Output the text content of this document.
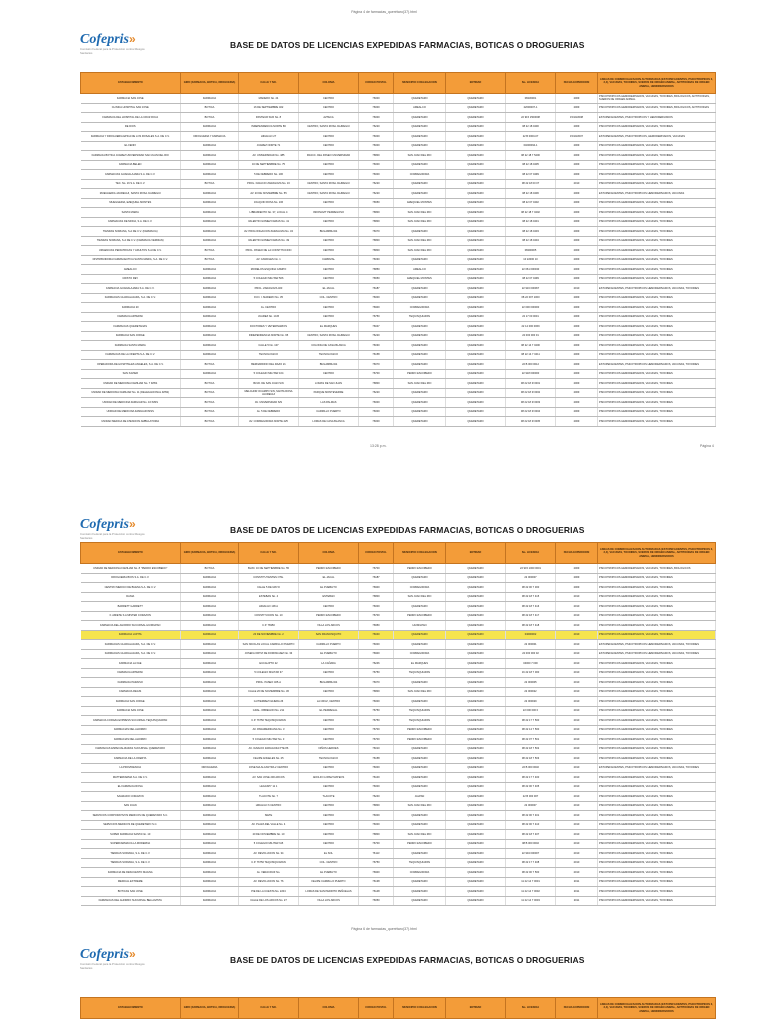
Página 4 de farmacias_querétaro(37).html
Cofepris»
Comisión Federal para la Protección contra Riesgos Sanitarios
BASE DE DATOS DE LICENCIAS EXPEDIDAS FARMACIAS, BOTICAS O DROGUERIAS
ESTABLECIMIENTO	GIRO (FARMACIA, BOTICA, DROGUERIA)	CALLE Y NO.	COLONIA	CODIGO POSTAL	MUNICIPIO O DELEGACION	ENTIDAD	No. LICENCIA	FECHA EXPEDICION	LINEAS DE COMERCIALIZACION AUTORIZADAS (ESTUPEFACIENTES, PSICOTROPICOS 2, 3,4), VACUNAS, TOXOIDES, SUEROS DE ORIGEN ANIMAL, ANTITOXINAS DE ORIGEN ANIMAL, HEMODERIVADOS
FARMACIA SAN JOSE	FARMACIA	MADERO No. 24	CENTRO	76000	QUERETARO	QUERETARO	08230001	2009	PSICOTROPICOS HEMODERIVADOS, VACUNAS, TOXOIDES, BIOLOGICOS, ANTITOXINAS, SUEROS DE ORIGEN ANIMAL
CLINICA HOSPITAL SAN JOSE	BOTICA	16 DE SEPTIEMBRE 402	CENTRO	76000	AMEALCO	QUERETARO	22000007-1	2009	PSICOTROPICOS HEMODERIVADOS, VACUNAS, TOXOIDES, BIOLOGICOS, ANTITOXINAS
FARMACIA DEL HOSPITAL DE LA CRUZ ROJA	BOTICA	PASTEUR SUR No. 8	AZTECA	76000	QUERETARO	QUERETARO	22 915 1500008	15/10/2008	ESTUPEFACIENTES, PSICOTROPICOS Y HEMODERIVADOS
DE DIOS	FARMACIA	INDEPENDENCIA NORTE 86	CENTRO, SANTA ROSA JAUREGUI	76220	QUERETARO	QUERETARO	08 22 18 0400	2009	PSICOTROPICOS HEMODERIVADOS, VACUNAS, TOXOIDES
FARMACIA Y DROGUERIA EPICA DE LOS ROSALES S.A. DE C.V.	DROGUERIA Y FARMACIA	HIDALGO 27	CENTRO	76000	QUERETARO	QUERETARO	22 B 0000-07	15/10/2007	ESTUPEFACIENTES, PSICOTROPICOS, HEMODERIVADOS, VACUNAS
EL FENIX	FARMACIA	JUAREZ NORTE 71	CENTRO	76000	QUERETARO	QUERETARO	04000094-1	2009	PSICOTROPICOS HEMODERIVADOS, VACUNAS, TOXOIDES
FARMACIA BOTICA JUAREZ UNIVERSIDAD SAN JUAN DEL RIO	FARMACIA	AV. UNIVERSIDAD No. 485	FRACC. DEL PASEO UNIVERSIDAD	76800	SAN JUAN DEL RIO	QUERETARO	08 22 18 7 5400	2009	PSICOTROPICOS HEMODERIVADOS, VACUNAS, TOXOIDES
FARMACIA BELEN	FARMACIA	16 DE SEPTIEMBRE No. 75	CENTRO	76000	QUERETARO	QUERETARO	08 22 18 0405	2009	PSICOTROPICOS HEMODERIVADOS, VACUNAS, TOXOIDES
FARMACIAS GUADALAJARA S.A. DE C.V.	FARMACIA	5 DE FEBRERO No. 106	CENTRO	76000	CORREGIDORA	QUERETARO	08 22 07 0499	2009	PSICOTROPICOS HEMODERIVADOS, VACUNAS, TOXOIDES
TEC. No. 16 S.A. DE C.V.	BOTICA	PROL. IGNACIO ZARAGOZA No. 16	CENTRO, SANTA ROSA JAUREGUI	76220	QUERETARO	QUERETARO	08 22 18 00 07	2010	PSICOTROPICOS HEMODERIVADOS, VACUNAS, TOXOIDES
MUEGGERIA JAUREGUI, SANTA ROSA JAUREGUI	FARMACIA	AV. 20 DE NOVIEMBRE No. 55	CENTRO, SANTA ROSA JAUREGUI	76220	QUERETARO	QUERETARO	08 22 18 0406	2009	ESTUPEFACIENTES, PSICOTROPICOS HEMODERIVADOS, VACUNAS
MUEGGERIA, EZEQUIEL MONTES	FARMACIA	JOAQUIN ROSA No. 106	CENTRO	76650	EZEQUIEL MONTES	QUERETARO	08 22 07 0402	2009	PSICOTROPICOS HEMODERIVADOS, VACUNAS, TOXOIDES
SANTA MARIA	FARMACIA	LIBRAMIENTO No. 37, LOCAL 4	INFONAVIT PEDREGOSO	76800	SAN JUAN DEL RIO	QUERETARO	08 22 18 7 0402	2009	PSICOTROPICOS HEMODERIVADOS, VACUNAS, TOXOIDES
FARMACIAS DE MODA, S.A. DE C.V.	FARMACIA	VALENTIN GOMEZ FARIAS No. 41	CENTRO	76800	SAN JUAN DEL RIO	QUERETARO	08 22 18 0401	2009	PSICOTROPICOS HEMODERIVADOS, VACUNAS, TOXOIDES
TIENDAS SORIANA, S.A DE C.V. (FARMACIA)	FARMACIA	AV. PROLONGACION ZARAGOZA No. 34	BUGAMBILIAS	76070	QUERETARO	QUERETARO	08 22 18 0403	2009	PSICOTROPICOS HEMODERIVADOS, VACUNAS, TOXOIDES
TIENDAS SORIANA, S.A DE C.V. (FARMACIA VERDIAN)	FARMACIA	VALENTIN GOMEZ FARIAS No. 49	CENTRO	76800	SAN JUAN DEL RIO	QUERETARO	08 22 18 0404	2009	PSICOTROPICOS HEMODERIVADOS, VACUNAS, TOXOIDES
URGENCIAS PEDIATRICAS Y ADULTOS S.A DE C.V.	BOTICA	PROL. PASEO DE LA CONSTITUCION	CENTRO	76800	SAN JUAN DEL RIO	QUERETARO	08290005	2009	PSICOTROPICOS HEMODERIVADOS, VACUNAS, TOXOIDES
DISTRIBUIDORA FARMACEUTICA SANTA MARIA, S.A. DE C.V.	BOTICA	AV. CANDILES No. 1	CARRIZAL	76030	QUERETARO	QUERETARO	10 22000 10	2009	PSICOTROPICOS HEMODERIVADOS, VACUNAS, TOXOIDES
AMEALCO	FARMACIA	MORELOS ESQUINA CAMPO	CENTRO	76850	AMEALCO	QUERETARO	22 061 000040	2009	PSICOTROPICOS HEMODERIVADOS, VACUNAS, TOXOIDES
CRISTO REY	FARMACIA	5 COLEGIO MILITAR 506	CENTRO	76650	EZEQUIEL MONTES	QUERETARO	08 22 07 0499	2009	PSICOTROPICOS HEMODERIVADOS, VACUNAS, TOXOIDES
FARMACIA GUADALAJARA S.A. DE C.V.	FARMACIA	PROL. ZARAGOZA 403	EL JACAL	76187	QUERETARO	QUERETARO	22 916 000067	2010	ESTUPEFACIENTES, PSICOTROPICOS HEMODERIVADOS, VACUNAS, TOXOIDES
FARMACIAS GUADALAJARA, S.A. DE C.V.	FARMACIA	FCO. I. MADERO No. 35	COL. CENTRO	76000	QUERETARO	QUERETARO	08 22 007 1000	2009	PSICOTROPICOS HEMODERIVADOS, VACUNAS, TOXOIDES
FARMACIA 20	FARMACIA	Av. CENTRO	CENTRO	76900	CORREGIDORA	QUERETARO	22 000 000000	2009	PSICOTROPICOS HEMODERIVADOS, VACUNAS, TOXOIDES
FARMACIA ARTEPAK	FARMACIA	JUAREZ No. 10-B	CENTRO	76750	TEQUISQUIAPAN	QUERETARO	22 17 00 0001	2009	PSICOTROPICOS HEMODERIVADOS, VACUNAS, TOXOIDES
FARMACIAS QUERETANAS	FARMACIA	DOCTORES Y VETERINARIOS	EL MARQUES	76047	QUERETARO	QUERETARO	22 14 000 0069	2009	PSICOTROPICOS HEMODERIVADOS, VACUNAS, TOXOIDES
FARMACIA SAN JORGE	FARMACIA	INDEPENDENCIA NORTE No. 95	CENTRO, SANTA ROSA JAUREGUI	76220	QUERETARO	QUERETARO	22 000 000 01	2009	PSICOTROPICOS HEMODERIVADOS, VACUNAS, TOXOIDES
FARMACIA SANTA MARIA	FARMACIA	CALLE 5 No. 107	COLONIA DE CASA BLANCA	76030	QUERETARO	QUERETARO	08 22 14 7 0400	2009	PSICOTROPICOS HEMODERIVADOS, VACUNAS, TOXOIDES
FARMACIAS DE LA OFERTA S.A. DE C.V.	FARMACIA	TECNOLOGICO	TECNOLOGICO	76158	QUERETARO	QUERETARO	08 22 14 7 0411	2009	PSICOTROPICOS HEMODERIVADOS, VACUNAS, TOXOIDES
OPERADORA DE HOSPITALES ANGELES, S.A. DE C.V.	BOTICA	BERNARDINO DEL RAZO 21	BUGAMBILIAS	76070	QUERETARO	QUERETARO	22 B 000 0012	2009	ESTUPEFACIENTES, PSICOTROPICOS HEMODERIVADOS, VACUNAS, TOXOIDES
SAN XAVIER	FARMACIA	5 COLEGIO MILITAR 104	CENTRO	76700	PEDRO ESCOBEDO	QUERETARO	22 918 000000	2009	PSICOTROPICOS HEMODERIVADOS, VACUNAS, TOXOIDES
UNIDAD DE MEDICINA FAMILIAR No. 7 IMSS	BOTICA	BLVD. DE SAN JUAN S/N	LOMAS DE SAN JUAN	76800	SAN JUAN DEL RIO	QUERETARO	08 22 18 R 0001	2009	PSICOTROPICOS HEMODERIVADOS, VACUNAS, TOXOIDES
UNIDAD DE MEDICINA FAMILIAR No. 11 (DELEGACIONAL IMSS)	BOTICA	MELCHOR OCAMPO S/N, SANTA ROSA JAUREGUI	PARQUE MONTEVERDE	76220	QUERETARO	QUERETARO	08 22 18 R 0002	2009	PSICOTROPICOS HEMODERIVADOS, VACUNAS, TOXOIDES
UNIDAD DE MEDICINA FAMILIAR No. 16 IMSS	BOTICA	AV. UNIVERSIDAD S/N	LAS PALMAS	76000	QUERETARO	QUERETARO	08 22 18 R 0003	2009	PSICOTROPICOS HEMODERIVADOS, VACUNAS, TOXOIDES
UNIDAD DE MEDICINA FAMILIAR IMSS	BOTICA	Av. 5 DE FEBRERO	CARRILLO PUERTO	76000	QUERETARO	QUERETARO	08 22 18 R 0004	2009	PSICOTROPICOS HEMODERIVADOS, VACUNAS, TOXOIDES
UNIDAD MEDICA DE ATENCION AMBULATORIA	BOTICA	AV. CORREGIDORA NORTE 425	LOMAS DE CASA BLANCA	76000	QUERETARO	QUERETARO	08 22 18 R 0005	2009	PSICOTROPICOS HEMODERIVADOS, VACUNAS, TOXOIDES
13:28 p.m.	Página 4
Cofepris»
Comisión Federal para la Protección contra Riesgos Sanitarios
BASE DE DATOS DE LICENCIAS EXPEDIDAS FARMACIAS, BOTICAS O DROGUERIAS
ESTABLECIMIENTO	GIRO (FARMACIA, BOTICA, DROGUERIA)	CALLE Y NO.	COLONIA	CODIGO POSTAL	MUNICIPIO O DELEGACION	ENTIDAD	No. LICENCIA	FECHA EXPEDICION	LINEAS DE COMERCIALIZACION AUTORIZADAS (ESTUPEFACIENTES, PSICOTROPICOS 2, 3,4), VACUNAS, TOXOIDES, SUEROS DE ORIGEN ANIMAL, ANTITOXINAS DE ORIGEN ANIMAL, HEMODERIVADOS
UNIDAD DE MEDICINA FAMILIAR No. 8 "PEDRO ESCOBEDO"	BOTICA	BLVD. 16 DE SEPTIEMBRE No. 55	PEDRO ESCOBEDO	76700	PEDRO ESCOBEDO	QUERETARO	22 915 1000 0001	2009	PSICOTROPICOS HEMODERIVADOS, VACUNAS, TOXOIDES, BIOLOGICOS
DROGUERIA BIOS S.A. DE C.V.	FARMACIA	CONSTITUYENTES OTE.	EL JACAL	76187	QUERETARO	QUERETARO	22 000007	2009	PSICOTROPICOS HEMODERIVADOS, VACUNAS, TOXOIDES
CENTRO MEDICO DE BUENA S.A. DE C.V.	FARMACIA	CALLE 5 DE MAYO	EL PUEBLITO	76900	CORREGIDORA	QUERETARO	08 22 00 7 300	2009	PSICOTROPICOS HEMODERIVADOS, VACUNAS, TOXOIDES
DANIA	FARMACIA	ESTEBAN No. 4	ESTEBAN	76800	SAN JUAN DEL RIO	QUERETARO	08 22 18 7 415	2010	PSICOTROPICOS HEMODERIVADOS, VACUNAS, TOXOIDES
BARRETT GARRETT	FARMACIA	HIDALGO 106 A	CENTRO	76000	QUERETARO	QUERETARO	08 22 18 7 416	2010	PSICOTROPICOS HEMODERIVADOS, VACUNAS, TOXOIDES
F. AMIETE S.A MISTER CORAZON	FARMACIA	CONSTITUCION No. 10	PEDRO ESCOBEDO	76700	PEDRO ESCOBEDO	QUERETARO	08 22 18 7 417	2010	PSICOTROPICOS HEMODERIVADOS, VACUNAS, TOXOIDES
FARMACIA DEL AHORRO SUCURSAL HUIMILPAN	FARMACIA	C.P. 76950	VILLA LOS ARCOS	76950	HUIMILPAN	QUERETARO	08 22 18 7 418	2010	PSICOTROPICOS HEMODERIVADOS, VACUNAS, TOXOIDES
FARMACIA LUPITA	FARMACIA	20 DE NOVIEMBRE No. 2	SAN FRANCISQUITO	76040	QUERETARO	QUERETARO	04090002	2010	PSICOTROPICOS HEMODERIVADOS, VACUNAS, TOXOIDES
FARMACIAS GUADALAJARA, S.A. DE C.V.	FARMACIA	SAN NICOLAS LOCAL CARRILLO PUERTO	CARRILLO PUERTO	76000	QUERETARO	QUERETARO	22 000001	2010	ESTUPEFACIENTES, PSICOTROPICOS HEMODERIVADOS, VACUNAS, TOXOIDES
FARMACIAS GUADALAJARA, S.A. DE C.V.	FARMACIA	JOSEFA ORTIZ DE DOMINGUEZ No. 33	EL PUEBLITO	76900	CORREGIDORA	QUERETARO	22 000 000 02	2010	ESTUPEFACIENTES, PSICOTROPICOS HEMODERIVADOS, VACUNAS, TOXOIDES
FARMACIA LA FAE	FARMACIA	EUCALIPTO 22	LA CAÑADA	76246	EL MARQUES	QUERETARO	04000 7 000	2010	PSICOTROPICOS HEMODERIVADOS, VACUNAS, TOXOIDES
FARMACIA ARTEPAK	FARMACIA	5 COLEGIO MILITAR 37	CENTRO	76750	TEQUISQUIAPAN	QUERETARO	16 22 18 7 000	2010	PSICOTROPICOS HEMODERIVADOS, VACUNAS, TOXOIDES
FARMACIA PARAISO	FARMACIA	PROL. PASEO 405-A	BUGAMBILIAS	76070	QUERETARO	QUERETARO	22 000005	2010	PSICOTROPICOS HEMODERIVADOS, VACUNAS, TOXOIDES
FARMACIA REGIS	FARMACIA	CALLE 20 DE NOVIEMBRE No. 36	CENTRO	76800	SAN JUAN DEL RIO	QUERETARO	22 000022	2010	PSICOTROPICOS HEMODERIVADOS, VACUNAS, TOXOIDES
FARMACIA SAN JORGE	FARMACIA	GUTIERREZ NAJERA 26	LA CRUZ, CENTRO	76000	QUERETARO	QUERETARO	22 000029	2010	PSICOTROPICOS HEMODERIVADOS, VACUNAS, TOXOIDES
FARMACIA SAN JOSE	FARMACIA	GRAL. OBREGON No. 211	EL PEDREGAL	76750	TEQUISQUIAPAN	QUERETARO	22 000 000 0	2010	PSICOTROPICOS HEMODERIVADOS, VACUNAS, TOXOIDES
FARMACIA CORAZA EXPRESS SUCURSAL TEQUISQUIAPAN	FARMACIA	C.P. 76750 TEQUISQUIAPAN	CENTRO	76750	TEQUISQUIAPAN	QUERETARO	08 22 17 7 500	2010	PSICOTROPICOS HEMODERIVADOS, VACUNAS, TOXOIDES
FARMACIAS DEL AHORRO	FARMACIA	AV. PANAMERICANA No. 3	CENTRO	76700	PEDRO ESCOBEDO	QUERETARO	08 22 14 7 500	2010	PSICOTROPICOS HEMODERIVADOS, VACUNAS, TOXOIDES
FARMACIAS DEL AHORRO	FARMACIA	5 COLEGIO MILITAR No. 3	CENTRO	76700	PEDRO ESCOBEDO	QUERETARO	08 22 07 7 501	2010	PSICOTROPICOS HEMODERIVADOS, VACUNAS, TOXOIDES
FARMACIAS ESPECIALIZADAS SUCURSAL QUERETARO	FARMACIA	AV. IGNACIO ZARAGOZA PTE 86	NIÑOS HEROES	76010	QUERETARO	QUERETARO	08 22 18 7 502	2010	PSICOTROPICOS HEMODERIVADOS, VACUNAS, TOXOIDES
FARMACIA DE LA OFERTA	FARMACIA	FELIPE ANGELES No. 25	TECNOLOGICO	76158	QUERETARO	QUERETARO	08 22 18 7 503	2010	PSICOTROPICOS HEMODERIVADOS, VACUNAS, TOXOIDES
LA PROVIDENCIA	DROGUERIA	JOSE MA ALCANTRA 2 CENTRO	CENTRO	76000	QUERETARO	QUERETARO	22 B 000 0040	2010	ESTUPEFACIENTES, PSICOTROPICOS HEMODERIVADOS, VACUNAS, TOXOIDES
MATTERFARMA S.A. DE C.V.	FARMACIA	AV. SAN JOSE 200 ARCOS	ADOLFO LOPEZ MATEOS	76100	QUERETARO	QUERETARO	08 22 17 7 400	2010	PSICOTROPICOS HEMODERIVADOS, VACUNAS, TOXOIDES
EL FARMACIA ROSA	FARMACIA	LEGASPY 11 1	CENTRO	76000	QUERETARO	QUERETARO	08 22 00 7 405	2010	PSICOTROPICOS HEMODERIVADOS, VACUNAS, TOXOIDES
SAGRADO CORAZON	FARMACIA	TLACOTE No. 7	TLACOTE	76240	JALPAN	QUERETARO	22 B 000 007	2010	PSICOTROPICOS HEMODERIVADOS, VACUNAS, TOXOIDES
SAN JUAN	FARMACIA	HIDALGO 6 CENTRO	CENTRO	76800	SAN JUAN DEL RIO	QUERETARO	22 000007	2010	PSICOTROPICOS HEMODERIVADOS, VACUNAS, TOXOIDES
SERVICIOS CORPORATIVOS MEDICOS DE QUERETARO S.C.	FARMACIA	SIETE	CENTRO	76000	QUERETARO	QUERETARO	08 22 00 7 401	2010	PSICOTROPICOS HEMODERIVADOS, VACUNAS, TOXOIDES
SERVICIOS MEDICOS DE QUERETARO S.C.	FARMACIA	AV. PLAZA DEL VALLE No. 4	CENTRO	76000	QUERETARO	QUERETARO	08 22 00 7 410	2010	PSICOTROPICOS HEMODERIVADOS, VACUNAS, TOXOIDES
SUPER FARMACIA SANTA No. 10	FARMACIA	20 DE NOVIEMBRE No. 10	CENTRO	76800	SAN JUAN DEL RIO	QUERETARO	08 22 18 7 407	2010	PSICOTROPICOS HEMODERIVADOS, VACUNAS, TOXOIDES
SUPERFARMACIA LA MODERNA	FARMACIA	5 COLEGIO MILITAR 6-B	CENTRO	76700	PEDRO ESCOBEDO	QUERETARO	08 B 000 0002	2010	PSICOTROPICOS HEMODERIVADOS, VACUNAS, TOXOIDES
TIENDAS SORIANA, S.A. DE C.V.	FARMACIA	AV. REVOLUCION No. 34	EL SOL	76113	QUERETARO	QUERETARO	22 904 000007	2010	PSICOTROPICOS HEMODERIVADOS, VACUNAS, TOXOIDES
TIENDAS SORIANA, S.A. DE C.V.	FARMACIA	C.P. 76750 TEQUISQUIAPAN	COL. CENTRO	76750	TEQUISQUIAPAN	QUERETARO	08 22 17 7 408	2010	PSICOTROPICOS HEMODERIVADOS, VACUNAS, TOXOIDES
FARMACIA DE DESCUENTO MAGNA	FARMACIA	Av. VERACRUZ No.	EL PUEBLITO	76900	CORREGIDORA	QUERETARO	08 22 00 7 500	2010	PSICOTROPICOS HEMODERIVADOS, VACUNAS, TOXOIDES
MEDICAL EXTREME	FARMACIA	AV. REVOLUCION No. 76	FELIPE CARRILLO PUERTO	76138	QUERETARO	QUERETARO	11 22 14 7 0001	2011	PSICOTROPICOS HEMODERIVADOS, VACUNAS, TOXOIDES
BOTICAS SAN JOSE	FARMACIA	PIE DE LA CUESTA No. 2204	LOMAS DE SAN PEDRITO PEÑUELAS	76148	QUERETARO	QUERETARO	11 22 14 7 0002	2011	PSICOTROPICOS HEMODERIVADOS, VACUNAS, TOXOIDES
FARMACIAS DEL AHORRO SUCURSAL BELLAVISTA	FARMACIA	CALLE DE LOS ARCOS No. 27	VILLA LOS ARCOS	76050	QUERETARO	QUERETARO	11 22 14 7 0003	2011	PSICOTROPICOS HEMODERIVADOS, VACUNAS, TOXOIDES
Página 6 de farmacias_querétaro(37).html
Cofepris»
Comisión Federal para la Protección contra Riesgos Sanitarios
BASE DE DATOS DE LICENCIAS EXPEDIDAS FARMACIAS, BOTICAS O DROGUERIAS
ESTABLECIMIENTO	GIRO (FARMACIA, BOTICA, DROGUERIA)	CALLE Y NO.	COLONIA	CODIGO POSTAL	MUNICIPIO O DELEGACION	ENTIDAD	No. LICENCIA	FECHA EXPEDICION	LINEAS DE COMERCIALIZACION AUTORIZADAS (ESTUPEFACIENTES, PSICOTROPICOS 2, 3,4), VACUNAS, TOXOIDES, SUEROS DE ORIGEN ANIMAL, ANTITOXINAS DE ORIGEN ANIMAL, HEMODERIVADOS
